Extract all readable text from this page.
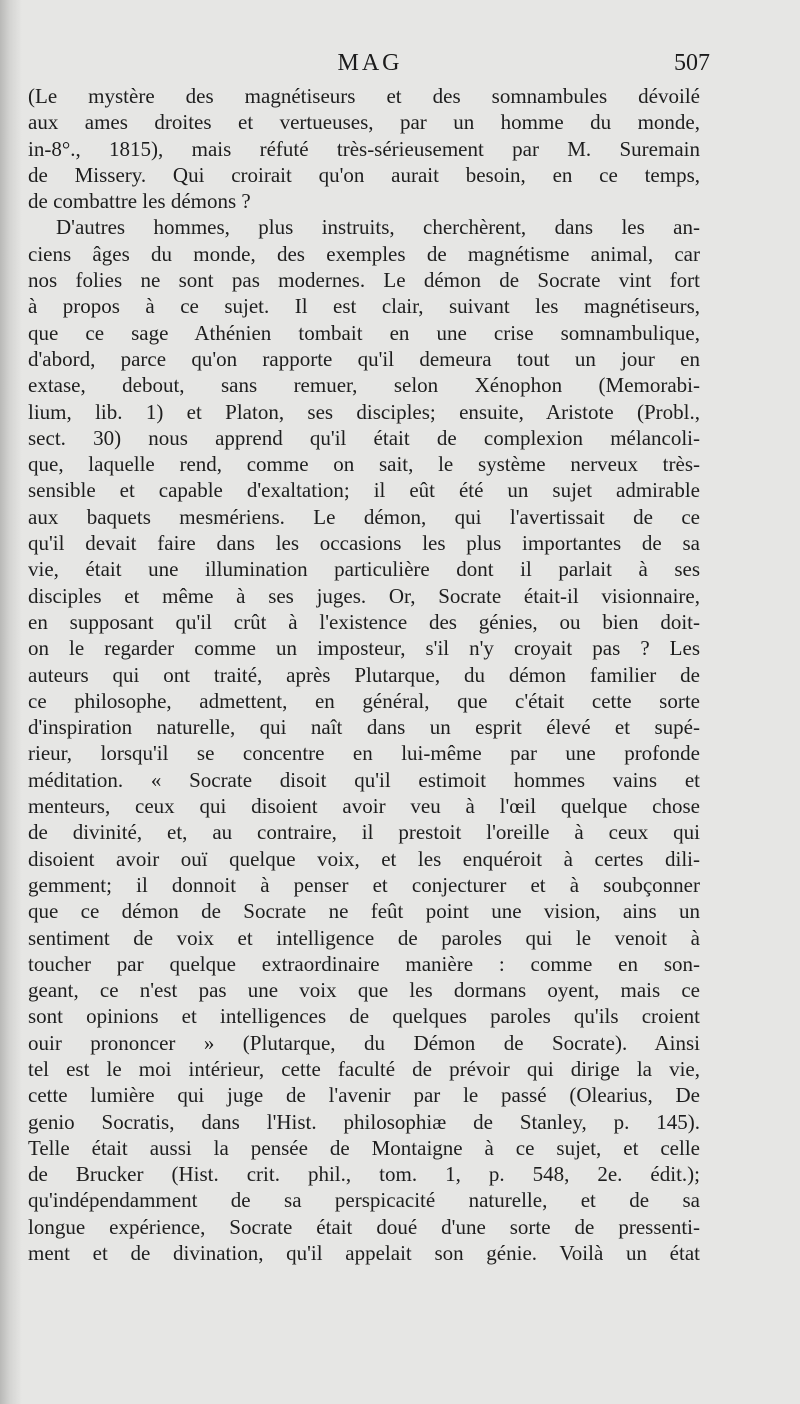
MAG	507
(Le mystère des magnétiseurs et des somnambules dévoilé
aux ames droites et vertueuses, par un homme du monde,
in-8°., 1815), mais réfuté très-sérieusement par M. Suremain
de Missery. Qui croirait qu'on aurait besoin, en ce temps,
de combattre les démons ?
D'autres hommes, plus instruits, cherchèrent, dans les an-
ciens âges du monde, des exemples de magnétisme animal, car
nos folies ne sont pas modernes. Le démon de Socrate vint fort
à propos à ce sujet. Il est clair, suivant les magnétiseurs,
que ce sage Athénien tombait en une crise somnambulique,
d'abord, parce qu'on rapporte qu'il demeura tout un jour en
extase, debout, sans remuer, selon Xénophon (Memorabi-
lium, lib. 1) et Platon, ses disciples; ensuite, Aristote (Probl.,
sect. 30) nous apprend qu'il était de complexion mélancoli-
que, laquelle rend, comme on sait, le système nerveux très-
sensible et capable d'exaltation; il eût été un sujet admirable
aux baquets mesmériens. Le démon, qui l'avertissait de ce
qu'il devait faire dans les occasions les plus importantes de sa
vie, était une illumination particulière dont il parlait à ses
disciples et même à ses juges. Or, Socrate était-il visionnaire,
en supposant qu'il crût à l'existence des génies, ou bien doit-
on le regarder comme un imposteur, s'il n'y croyait pas ? Les
auteurs qui ont traité, après Plutarque, du démon familier de
ce philosophe, admettent, en général, que c'était cette sorte
d'inspiration naturelle, qui naît dans un esprit élevé et supé-
rieur, lorsqu'il se concentre en lui-même par une profonde
méditation. « Socrate disoit qu'il estimoit hommes vains et
menteurs, ceux qui disoient avoir veu à l'œil quelque chose
de divinité, et, au contraire, il prestoit l'oreille à ceux qui
disoient avoir ouï quelque voix, et les enquéroit à certes dili-
gemment; il donnoit à penser et conjecturer et à soubçonner
que ce démon de Socrate ne feût point une vision, ains un
sentiment de voix et intelligence de paroles qui le venoit à
toucher par quelque extraordinaire manière : comme en son-
geant, ce n'est pas une voix que les dormans oyent, mais ce
sont opinions et intelligences de quelques paroles qu'ils croient
ouir prononcer » (Plutarque, du Démon de Socrate). Ainsi
tel est le moi intérieur, cette faculté de prévoir qui dirige la vie,
cette lumière qui juge de l'avenir par le passé (Olearius, De
genio Socratis, dans l'Hist. philosophiæ de Stanley, p. 145).
Telle était aussi la pensée de Montaigne à ce sujet, et celle
de Brucker (Hist. crit. phil., tom. 1, p. 548, 2e. édit.);
qu'indépendamment de sa perspicacité naturelle, et de sa
longue expérience, Socrate était doué d'une sorte de pressenti-
ment et de divination, qu'il appelait son génie. Voilà un état
